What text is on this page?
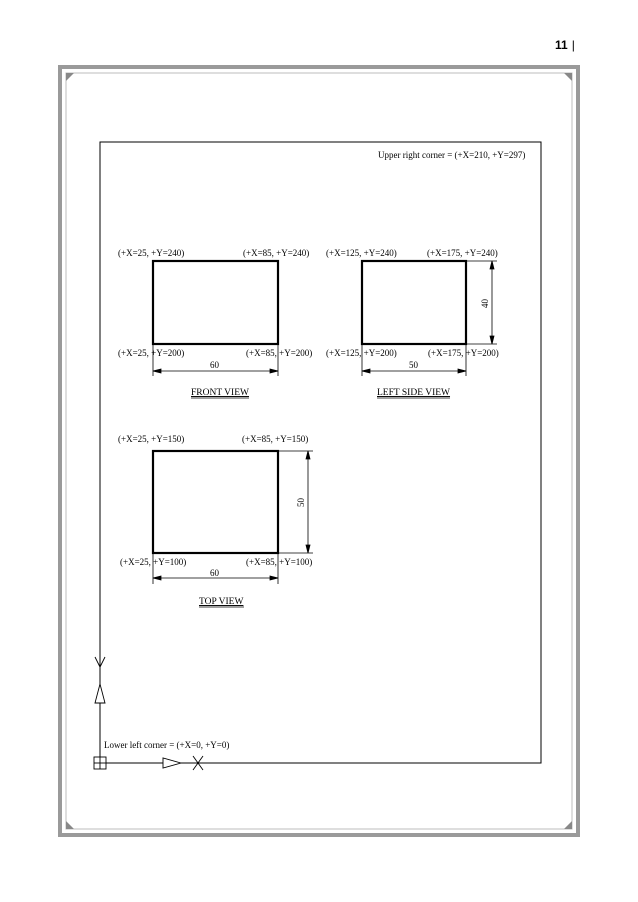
11 |
Upper right corner = (+X=210, +Y=297)
(+X=25, +Y=240)	(+X=85, +Y=240)
(+X=25, +Y=200)	(+X=85, +Y=200)
60
FRONT VIEW
(+X=125, +Y=240)	(+X=175, +Y=240)
(+X=125, +Y=200)	(+X=175, +Y=200)
50
40
LEFT SIDE VIEW
(+X=25, +Y=150)	(+X=85, +Y=150)
(+X=25, +Y=100)	(+X=85, +Y=100)
60
50
TOP VIEW
Lower left corner = (+X=0, +Y=0)
